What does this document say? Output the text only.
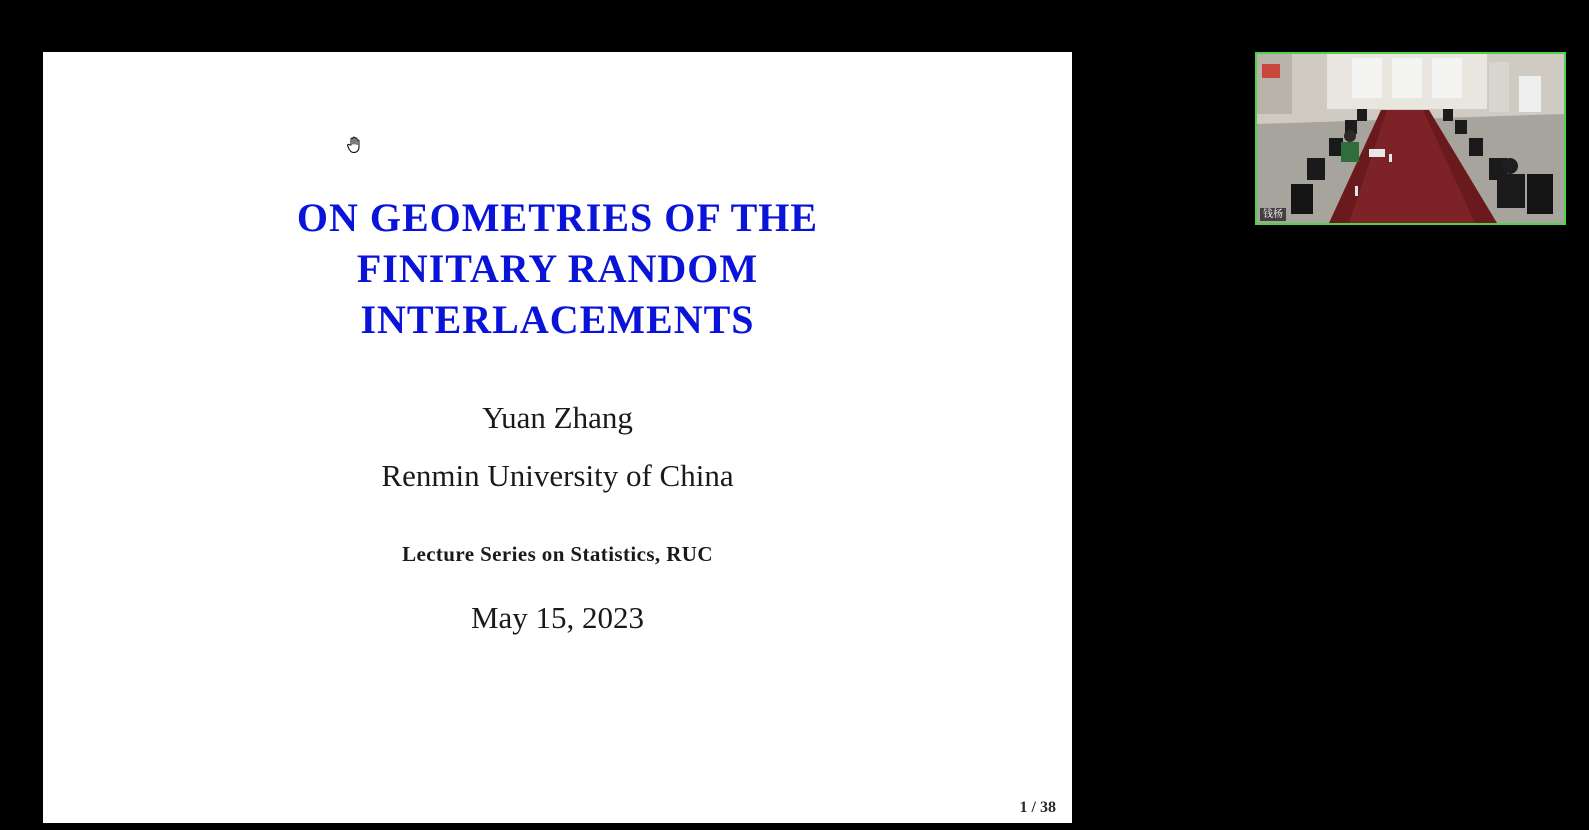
ON GEOMETRIES OF THE
FINITARY RANDOM
INTERLACEMENTS
Yuan Zhang
Renmin University of China
Lecture Series on Statistics, RUC
May 15, 2023
1 / 38
钱杨
